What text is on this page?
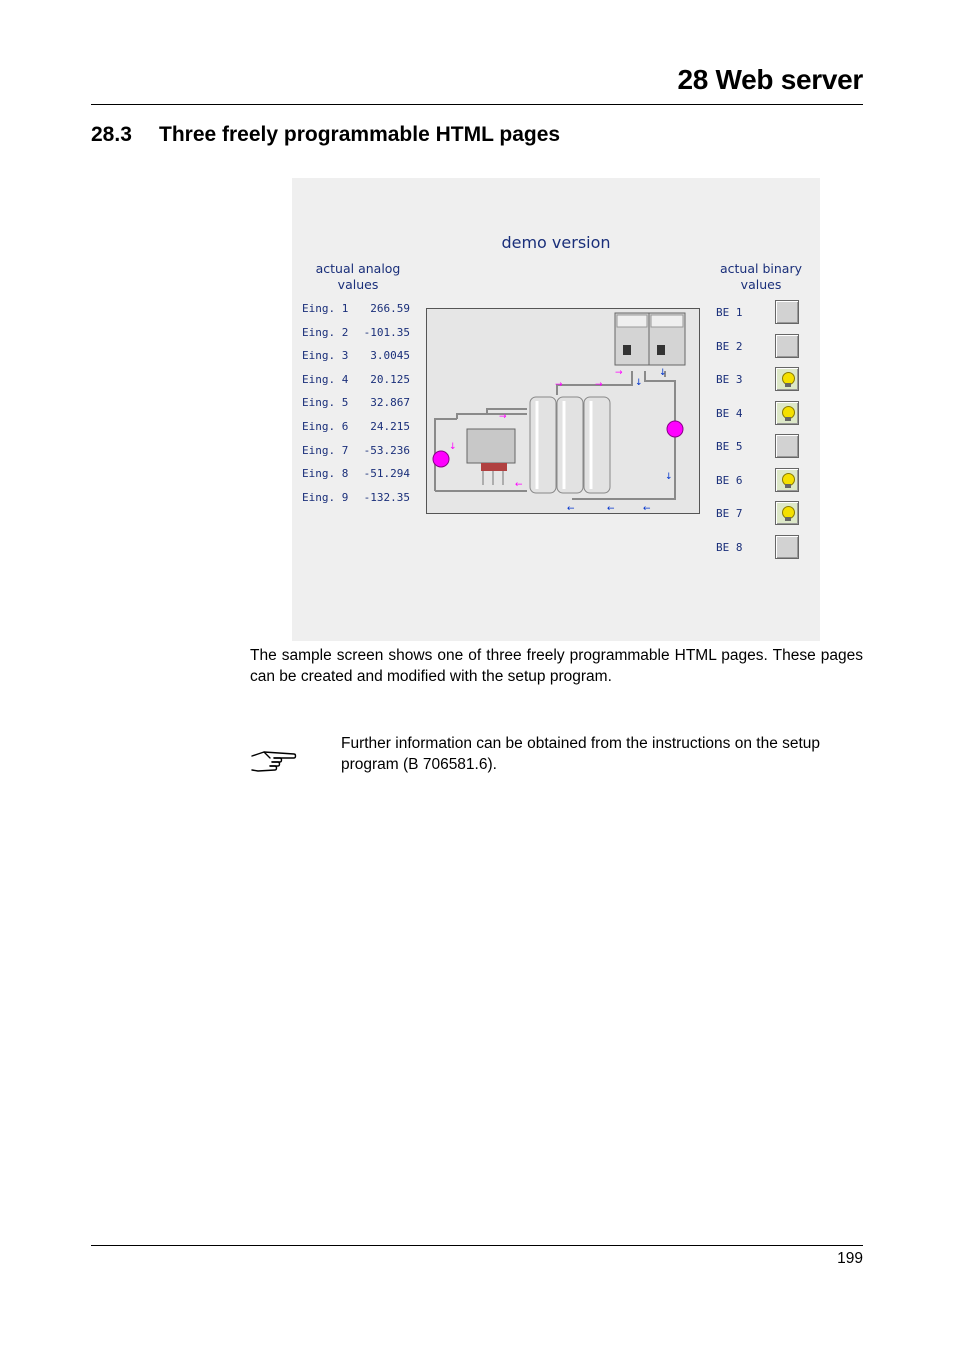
28 Web server
28.3 Three freely programmable HTML pages
demo version
actual analog
values
actual binary
values
Eing. 1	266.59
Eing. 2	-101.35
Eing. 3	3.0045
Eing. 4	20.125
Eing. 5	32.867
Eing. 6	24.215
Eing. 7	-53.236
Eing. 8	-51.294
Eing. 9	-132.35
BE 1
BE 2
BE 3
BE 4
BE 5
BE 6
BE 7
BE 8
→	→
→
→
↓
←
↓
↓
↓
←	←	←
The sample screen shows one of three freely programmable HTML pages. These pages can be created and modified with the setup program.
Further information can be obtained from the instructions on the setup program (B 706581.6).
199
